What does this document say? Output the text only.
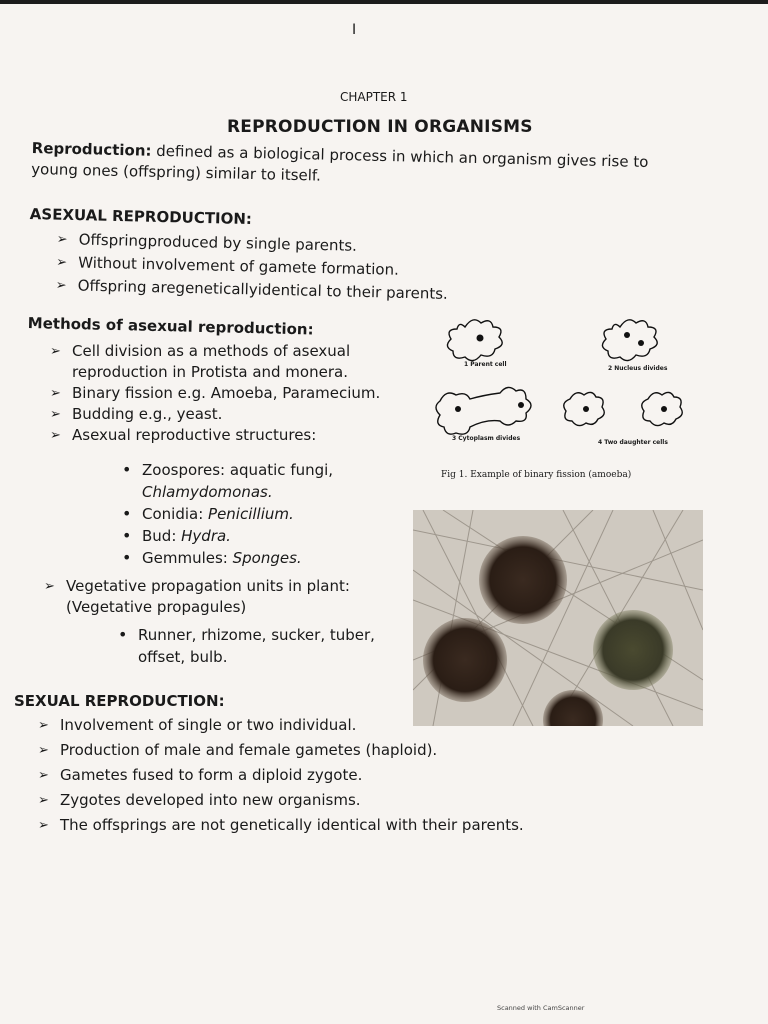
I
CHAPTER 1
REPRODUCTION IN ORGANISMS
Reproduction: defined as a biological process in which an organism gives rise to young ones (offspring) similar to itself.
ASEXUAL REPRODUCTION:
➢ Offspringproduced by single parents.
➢ Without involvement of gamete formation.
➢ Offspring aregeneticallyidentical to their parents.
Methods of asexual reproduction:
➢ Cell division as a methods of asexual reproduction in Protista and monera.
➢ Binary fission e.g. Amoeba, Paramecium.
➢ Budding e.g., yeast.
➢ Asexual reproductive structures:
• Zoospores: aquatic fungi,
Chlamydomonas.
• Conidia: Penicillium.
• Bud: Hydra.
• Gemmules: Sponges.
➢ Vegetative propagation units in plant: (Vegetative propagules)
• Runner, rhizome, sucker, tuber, offset, bulb.
1 Parent cell
2 Nucleus divides
3 Cytoplasm divides
4 Two daughter cells
Fig 1. Example of binary fission (amoeba)
SEXUAL REPRODUCTION:
➢ Involvement of single or two individual.
➢ Production of male and female gametes (haploid).
➢ Gametes fused to form a diploid zygote.
➢ Zygotes developed into new organisms.
➢ The offsprings are not genetically identical with their parents.
Scanned with CamScanner
